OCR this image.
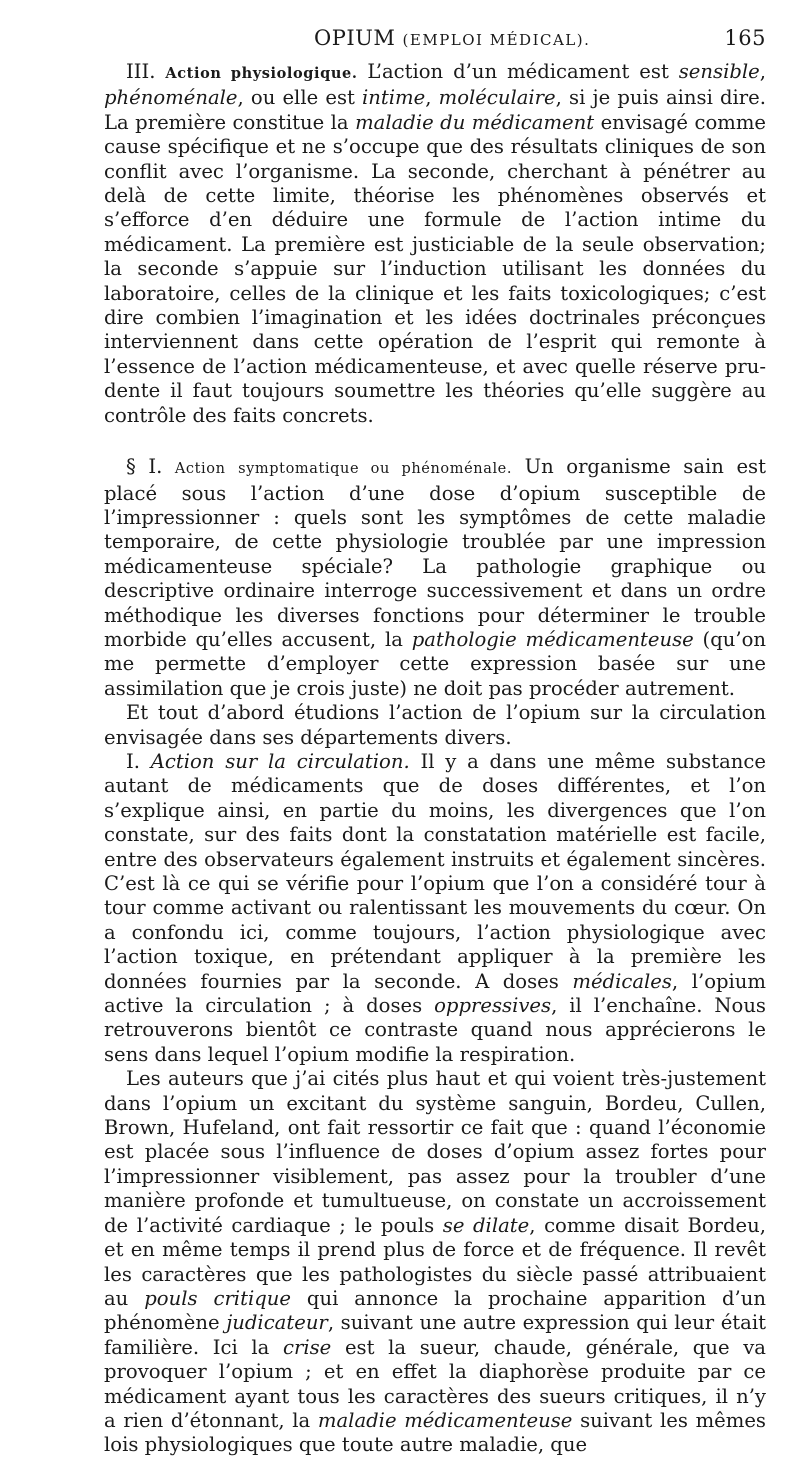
OPIUM (EMPLOI MÉDICAL).	165

III. Action physiologique. L’action d’un médicament est sensible, phénoménale, ou elle est intime, moléculaire, si je puis ainsi dire. La première constitue la maladie du médicament envisagé comme cause spécifique et ne s’occupe que des résultats cliniques de son conflit avec l’organisme. La seconde, cherchant à pénétrer au delà de cette limite, théorise les phénomènes observés et s’efforce d’en déduire une formule de l’action intime du médicament. La première est justiciable de la seule observation; la seconde s’appuie sur l’induction utilisant les données du laboratoire, celles de la clinique et les faits toxicologiques; c’est dire combien l’imagination et les idées doctrinales préconçues interviennent dans cette opération de l’esprit qui remonte à l’essence de l’action médicamenteuse, et avec quelle réserve prudente il faut toujours soumettre les théories qu’elle suggère au contrôle des faits concrets.

§ I. Action symptomatique ou phénoménale. Un organisme sain est placé sous l’action d’une dose d’opium susceptible de l’impressionner : quels sont les symptômes de cette maladie temporaire, de cette physiologie troublée par une impression médicamenteuse spéciale? La pathologie graphique ou descriptive ordinaire interroge successivement et dans un ordre méthodique les diverses fonctions pour déterminer le trouble morbide qu’elles accusent, la pathologie médicamenteuse (qu’on me permette d’employer cette expression basée sur une assimilation que je crois juste) ne doit pas procéder autrement.

Et tout d’abord étudions l’action de l’opium sur la circulation envisagée dans ses départements divers.

I. Action sur la circulation. Il y a dans une même substance autant de médicaments que de doses différentes, et l’on s’explique ainsi, en partie du moins, les divergences que l’on constate, sur des faits dont la constatation matérielle est facile, entre des observateurs également instruits et également sincères. C’est là ce qui se vérifie pour l’opium que l’on a considéré tour à tour comme activant ou ralentissant les mouvements du cœur. On a confondu ici, comme toujours, l’action physiologique avec l’action toxique, en prétendant appliquer à la première les données fournies par la seconde. A doses médicales, l’opium active la circulation ; à doses oppressives, il l’enchaîne. Nous retrouverons bientôt ce contraste quand nous apprécierons le sens dans lequel l’opium modifie la respiration.

Les auteurs que j’ai cités plus haut et qui voient très-justement dans l’opium un excitant du système sanguin, Bordeu, Cullen, Brown, Hufeland, ont fait ressortir ce fait que : quand l’économie est placée sous l’influence de doses d’opium assez fortes pour l’impressionner visiblement, pas assez pour la troubler d’une manière profonde et tumultueuse, on constate un accroissement de l’activité cardiaque ; le pouls se dilate, comme disait Bordeu, et en même temps il prend plus de force et de fréquence. Il revêt les caractères que les pathologistes du siècle passé attribuaient au pouls critique qui annonce la prochaine apparition d’un phénomène judicateur, suivant une autre expression qui leur était familière. Ici la crise est la sueur, chaude, générale, que va provoquer l’opium ; et en effet la diaphorèse produite par ce médicament ayant tous les caractères des sueurs critiques, il n’y a rien d’étonnant, la maladie médicamenteuse suivant les mêmes lois physiologiques que toute autre maladie, que
